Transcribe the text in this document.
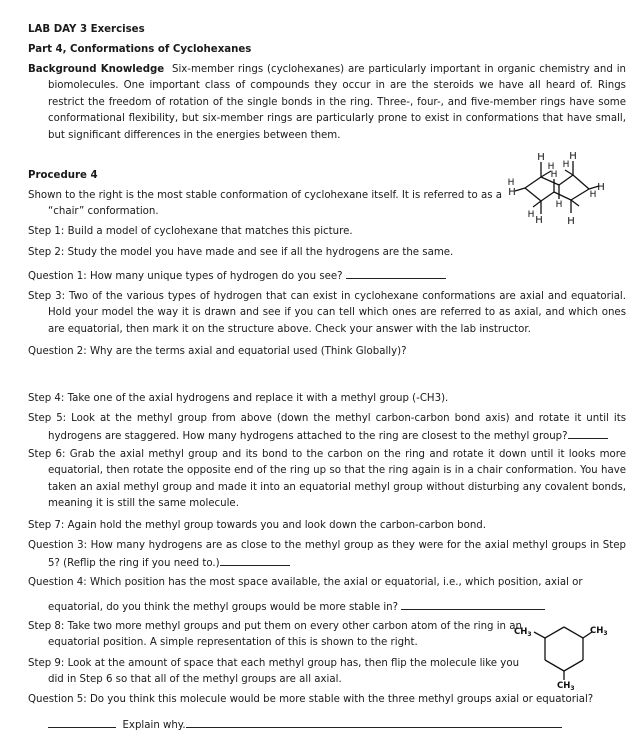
LAB DAY 3 Exercises

Part 4, Conformations of Cyclohexanes

Background Knowledge Six-member rings (cyclohexanes) are particularly important in organic chemistry and in biomolecules. One important class of compounds they occur in are the steroids we have all heard of. Rings restrict the freedom of rotation of the single bonds in the ring. Three-, four-, and five-member rings have some conformational flexibility, but six-member rings are particularly prone to exist in conformations that have small, but significant differences in the energies between them.

Procedure 4

H H
H
H
H
H	H
H
H
H
H
H
H

Shown to the right is the most stable conformation of cyclohexane itself. It is referred to as a “chair” conformation.

Step 1: Build a model of cyclohexane that matches this picture.

Step 2: Study the model you have made and see if all the hydrogens are the same.

Question 1: How many unique types of hydrogen do you see?

Step 3: Two of the various types of hydrogen that can exist in cyclohexane conformations are axial and equatorial. Hold your model the way it is drawn and see if you can tell which ones are referred to as axial, and which ones are equatorial, then mark it on the structure above. Check your answer with the lab instructor.

Question 2: Why are the terms axial and equatorial used (Think Globally)?

Step 4: Take one of the axial hydrogens and replace it with a methyl group (-CH3).

Step 5: Look at the methyl group from above (down the methyl carbon-carbon bond axis) and rotate it until its hydrogens are staggered. How many hydrogens attached to the ring are closest to the methyl group?

Step 6: Grab the axial methyl group and its bond to the carbon on the ring and rotate it down until it looks more equatorial, then rotate the opposite end of the ring up so that the ring again is in a chair conformation. You have taken an axial methyl group and made it into an equatorial methyl group without disturbing any covalent bonds, meaning it is still the same molecule.

Step 7: Again hold the methyl group towards you and look down the carbon-carbon bond.

Question 3: How many hydrogens are as close to the methyl group as they were for the axial methyl groups in Step 5? (Reflip the ring if you need to.)

Question 4: Which position has the most space available, the axial or equatorial, i.e., which position, axial or

equatorial, do you think the methyl groups would be more stable in?

Step 8: Take two more methyl groups and put them on every other carbon atom of the ring in an equatorial position. A simple representation of this is shown to the right.

$CH_3$	$CH_3$
$CH_3$

Step 9: Look at the amount of space that each methyl group has, then flip the molecule like you did in Step 6 so that all of the methyl groups are all axial.

Question 5: Do you think this molecule would be more stable with the three methyl groups axial or equatorial?

Explain why.
